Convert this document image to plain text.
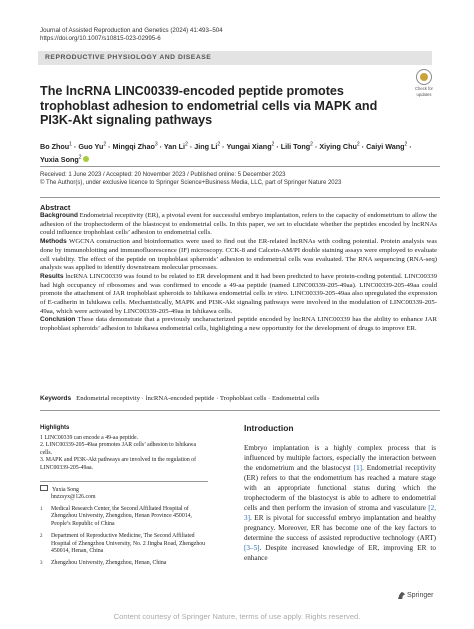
Journal of Assisted Reproduction and Genetics (2024) 41:493–504
https://doi.org/10.1007/s10815-023-02995-6
REPRODUCTIVE PHYSIOLOGY AND DISEASE
Check for
updates
The lncRNA LINC00339-encoded peptide promotes trophoblast adhesion to endometrial cells via MAPK and PI3K-Akt signaling pathways
Bo Zhou$^1$ · Guo $Yu^2$ · Mingqi Zhao$^3$ · Yan $Li^2$ · Jing $Li^2$ · Yungai Xiang$^2$ · Lili Tong$^2$ · Xiying Chu$^2$ · Caiyi Wang$^2$ ·
Yuxia Song$^2$
Received: 1 June 2023 / Accepted: 20 November 2023 / Published online: 5 December 2023
© The Author(s), under exclusive licence to Springer Science+Business Media, LLC, part of Springer Nature 2023
Abstract

Background Endometrial receptivity (ER), a pivotal event for successful embryo implantation, refers to the capacity of endometrium to allow the adhesion of the trophectoderm of the blastocyst to endometrial cells. In this paper, we set to elucidate whether the peptides encoded by lncRNAs could influence trophoblast cells’ adhesion to endometrial cells.

Methods WGCNA construction and bioinformatics were used to find out the ER-related lncRNAs with coding potential. Protein analysis was done by immunoblotting and immunofluorescence (IF) microscopy. CCK-8 and Calcein-AM/PI double staining assays were employed to evaluate cell viability. The effect of the peptide on trophoblast spheroids’ adhesion to endometrial cells was evaluated. The RNA sequencing (RNA-seq) analysis was applied to identify downstream molecular processes.

Results lncRNA LINC00339 was found to be related to ER development and it had been predicted to have protein-coding potential. LINC00339 had high occupancy of ribosomes and was confirmed to encode a 49-aa peptide (named LINC00339-205-49aa). LINC00339-205-49aa could promote the attachment of JAR trophoblast spheroids to Ishikawa endometrial cells in vitro. LINC00339-205-49aa also upregulated the expression of E-cadherin in Ishikawa cells. Mechanistically, MAPK and PI3K-Akt signaling pathways were involved in the modulation of LINC00339-205-49aa, which were activated by LINC00339-205-49aa in Ishikawa cells.

Conclusion These data demonstrate that a previously uncharacterized peptide encoded by lncRNA LINC00339 has the ability to enhance JAR trophoblast spheroids’ adhesion to Ishikawa endometrial cells, highlighting a new opportunity for the development of drugs to improve ER.

Keywords Endometrial receptivity · lncRNA-encoded peptide · Trophoblast cells · Endometrial cells
Highlights

1 LINC00339 can encode a 49-aa peptide.

2. LINC00339-205-49aa promotes JAR cells’ adhesion to Ishikawa cells.

3. MAPK and PI3K-Akt pathways are involved in the regulation of LINC00339-205-49aa.

Yuxia Song
hnzzsyx@126.com
1	Medical Research Center, the Second Affiliated Hospital of Zhengzhou University, Zhengzhou, Henan Province 450014, People’s Republic of China
2	Department of Reproductive Medicine, The Second Affiliated Hospital of Zhengzhou University, No. 2 Jingba Road, Zhengzhou 450014, Henan, China
3	Zhengzhou University, Zhengzhou, Henan, China
Introduction
Embryo implantation is a highly complex process that is influenced by multiple factors, especially the interaction between the endometrium and the blastocyst [1]. Endometrial receptivity (ER) refers to that the endometrium has reached a mature stage with an appropriate functional status during which the trophectoderm of the blastocyst is able to adhere to endometrial cells and then perform the invasion of stroma and vasculature [2, 3]. ER is pivotal for successful embryo implantation and healthy pregnancy. Moreover, ER has become one of the key factors to determine the success of assisted reproductive technology (ART) [3–5]. Despite increased knowledge of ER, improving ER to enhance
Springer
Content courtesy of Springer Nature, terms of use apply. Rights reserved.
